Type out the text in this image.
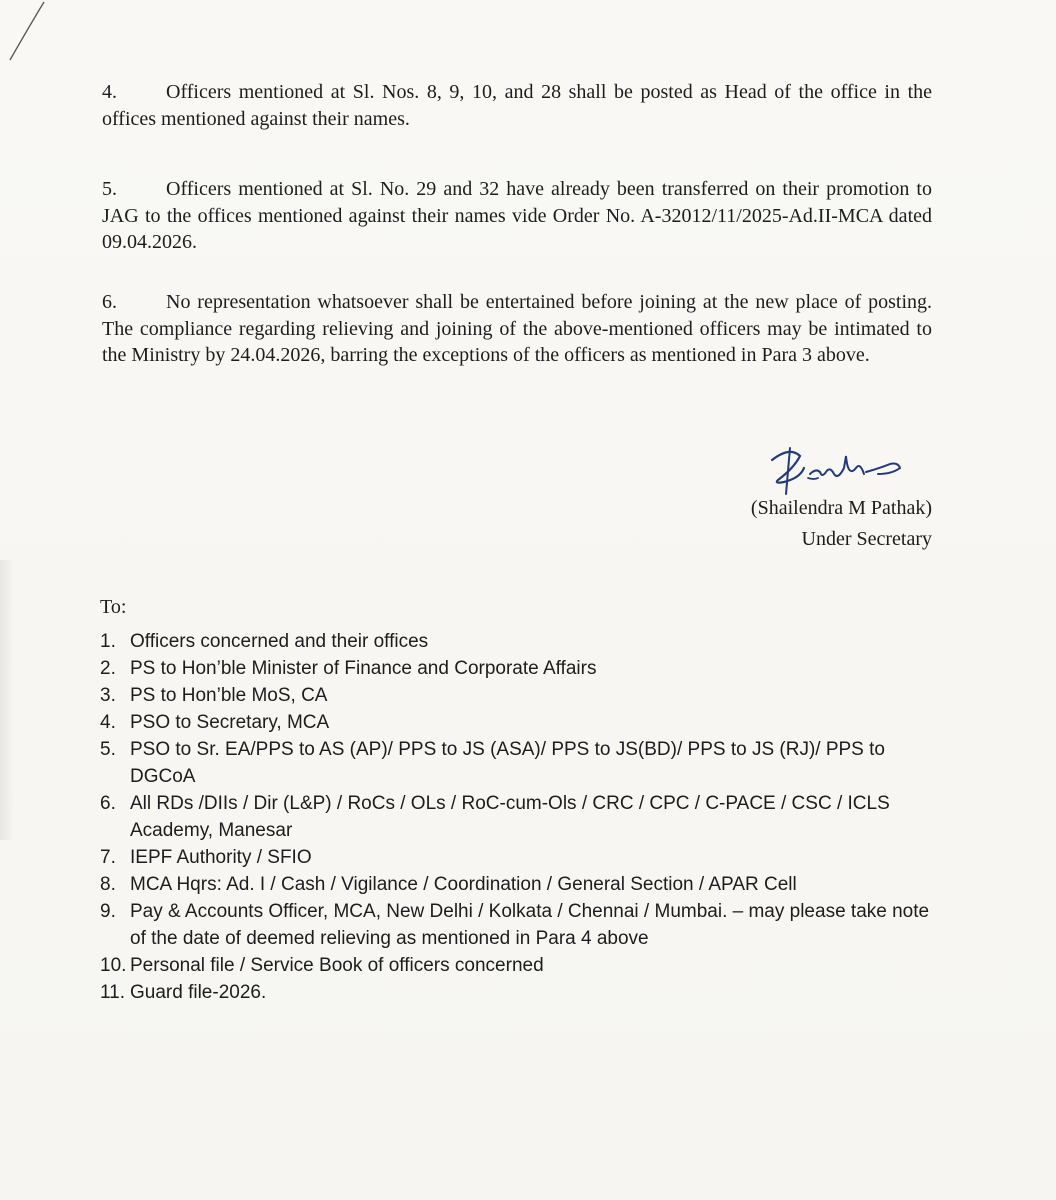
4. Officers mentioned at Sl. Nos. 8, 9, 10, and 28 shall be posted as Head of the office in the offices mentioned against their names.
5. Officers mentioned at Sl. No. 29 and 32 have already been transferred on their promotion to JAG to the offices mentioned against their names vide Order No. A-32012/11/2025-Ad.II-MCA dated 09.04.2026.
6. No representation whatsoever shall be entertained before joining at the new place of posting. The compliance regarding relieving and joining of the above-mentioned officers may be intimated to the Ministry by 24.04.2026, barring the exceptions of the officers as mentioned in Para 3 above.
(Shailendra M Pathak)
Under Secretary
To:
1. Officers concerned and their offices
2. PS to Hon’ble Minister of Finance and Corporate Affairs
3. PS to Hon’ble MoS, CA
4. PSO to Secretary, MCA
5. PSO to Sr. EA/PPS to AS (AP)/ PPS to JS (ASA)/ PPS to JS(BD)/ PPS to JS (RJ)/ PPS to DGCoA
6. All RDs /DIIs / Dir (L&P) / RoCs / OLs / RoC-cum-Ols / CRC / CPC / C-PACE / CSC / ICLS Academy, Manesar
7. IEPF Authority / SFIO
8. MCA Hqrs: Ad. I / Cash / Vigilance / Coordination / General Section / APAR Cell
9. Pay & Accounts Officer, MCA, New Delhi / Kolkata / Chennai / Mumbai. – may please take note of the date of deemed relieving as mentioned in Para 4 above
10. Personal file / Service Book of officers concerned
11. Guard file-2026.
